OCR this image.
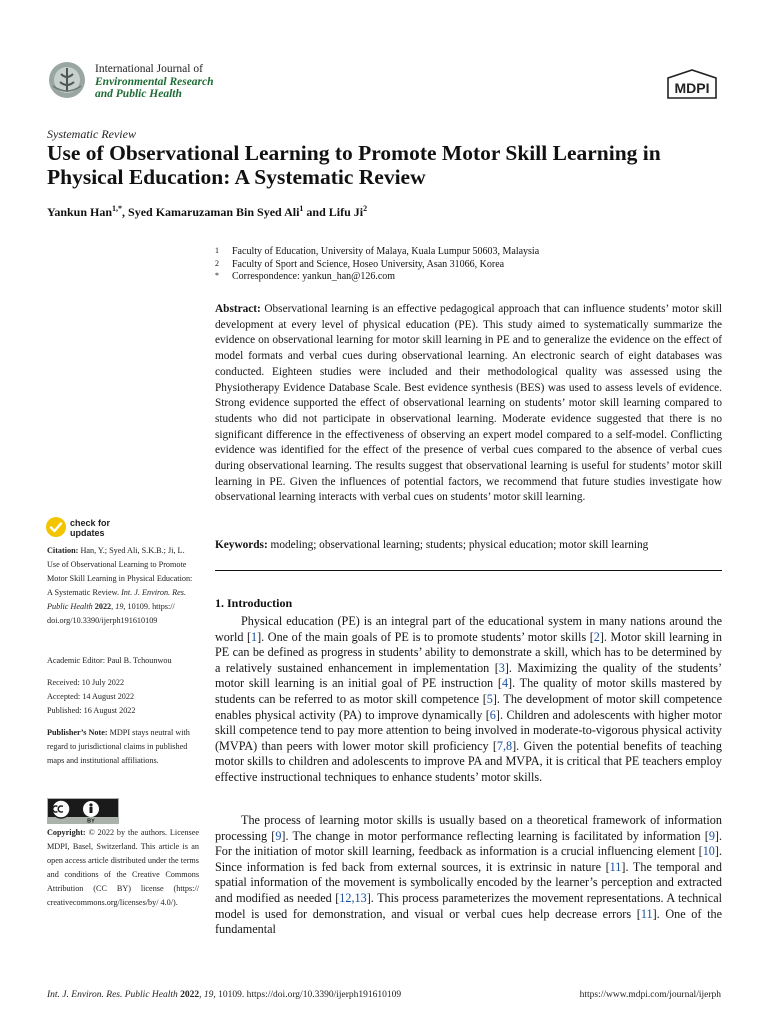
International Journal of
Environmental Research
and Public Health	MDPI
Systematic Review
Use of Observational Learning to Promote Motor Skill Learning in Physical Education: A Systematic Review
Yankun Han$^{1,*}$, Syed Kamaruzaman Bin Syed Ali$^1$ and Lifu Ji$^2$
1 Faculty of Education, University of Malaya, Kuala Lumpur 50603, Malaysia
2 Faculty of Sport and Science, Hoseo University, Asan 31066, Korea
* Correspondence: yankun_han@126.com

Abstract: Observational learning is an effective pedagogical approach that can influence students’ motor skill development at every level of physical education (PE). This study aimed to systematically summarize the evidence on observational learning for motor skill learning in PE and to generalize the evidence on the effect of model formats and verbal cues during observational learning. An electronic search of eight databases was conducted. Eighteen studies were included and their methodological quality was assessed using the Physiotherapy Evidence Database Scale. Best evidence synthesis (BES) was used to assess levels of evidence. Strong evidence supported the effect of observational learning on students’ motor skill learning compared to students who did not participate in observational learning. Moderate evidence suggested that there is no significant difference in the effectiveness of observing an expert model compared to a self-model. Conflicting evidence was identified for the effect of the presence of verbal cues compared to the absence of verbal cues during observational learning. The results suggest that observational learning is useful for students’ motor skill learning in PE. Given the influences of potential factors, we recommend that future studies investigate how observational learning interacts with verbal cues on students’ motor skill learning.

Keywords: modeling; observational learning; students; physical education; motor skill learning

check for
updates
Citation: Han, Y.; Syed Ali, S.K.B.; Ji, L. Use of Observational Learning to Promote Motor Skill Learning in Physical Education: A Systematic Review. Int. J. Environ. Res. Public Health 2022, 19, 10109. https:// doi.org/10.3390/ijerph191610109
Academic Editor: Paul B. Tchounwou
Received: 10 July 2022
Accepted: 14 August 2022
Published: 16 August 2022
Publisher’s Note: MDPI stays neutral with regard to jurisdictional claims in published maps and institutional affiliations.
BY
Copyright: © 2022 by the authors. Licensee MDPI, Basel, Switzerland. This article is an open access article distributed under the terms and conditions of the Creative Commons Attribution (CC BY) license (https:// creativecommons.org/licenses/by/ 4.0/).
1. Introduction

Physical education (PE) is an integral part of the educational system in many nations around the world [1]. One of the main goals of PE is to promote students’ motor skills [2]. Motor skill learning in PE can be defined as progress in students’ ability to demonstrate a skill, which has to be determined by a relatively sustained enhancement in implementation [3]. Maximizing the quality of the students’ motor skill learning is an initial goal of PE instruction [4]. The quality of motor skills mastered by students can be referred to as motor skill competence [5]. The development of motor skill competence enables physical activity (PA) to improve dynamically [6]. Children and adolescents with higher motor skill competence tend to pay more attention to being involved in moderate-to-vigorous physical activity (MVPA) than peers with lower motor skill proficiency [7,8]. Given the potential benefits of teaching motor skills to children and adolescents to improve PA and MVPA, it is critical that PE teachers employ effective instructional techniques to enhance students’ motor skills.

The process of learning motor skills is usually based on a theoretical framework of information processing [9]. The change in motor performance reflecting learning is facilitated by information [9]. For the initiation of motor skill learning, feedback as information is a crucial influencing element [10]. Since information is fed back from external sources, it is extrinsic in nature [11]. The temporal and spatial information of the movement is symbolically encoded by the learner’s perception and extracted and modified as needed [12,13]. This process parameterizes the movement representations. A technical model is used for demonstration, and visual or verbal cues help decrease errors [11]. One of the fundamental

Int. J. Environ. Res. Public Health 2022, 19, 10109. https://doi.org/10.3390/ijerph191610109	https://www.mdpi.com/journal/ijerph
